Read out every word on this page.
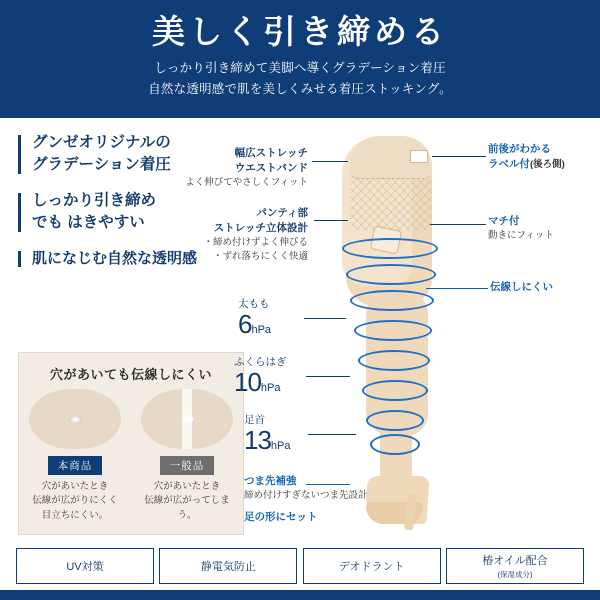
美しく引き締める
しっかり引き締めて美脚へ導くグラデーション着圧
自然な透明感で肌を美しくみせる着圧ストッキング。
グンゼオリジナルの
グラデーション着圧
しっかり引き締め
でも はきやすい
肌になじむ自然な透明感
穴があいても伝線しにくい
本商品
穴があいたとき
伝線が広がりにくく
目立ちにくい。
一般品
穴があいたとき
伝線が広がってしまう。
幅広ストレッチ
ウエストバンド
よく伸びてやさしくフィット
パンティ部
ストレッチ立体設計
・締め付けずよく伸びる
・ずれ落ちにくく快適
太もも
6hPa
ふくらはぎ
10hPa
足首
13hPa
つま先補強
締め付けすぎないつま先設計
足の形にセット
前後がわかる
ラベル付(後ろ側)
マチ付
動きにフィット
伝線しにくい
UV対策	静電気防止	デオドラント	椿オイル配合
(保湿成分)
